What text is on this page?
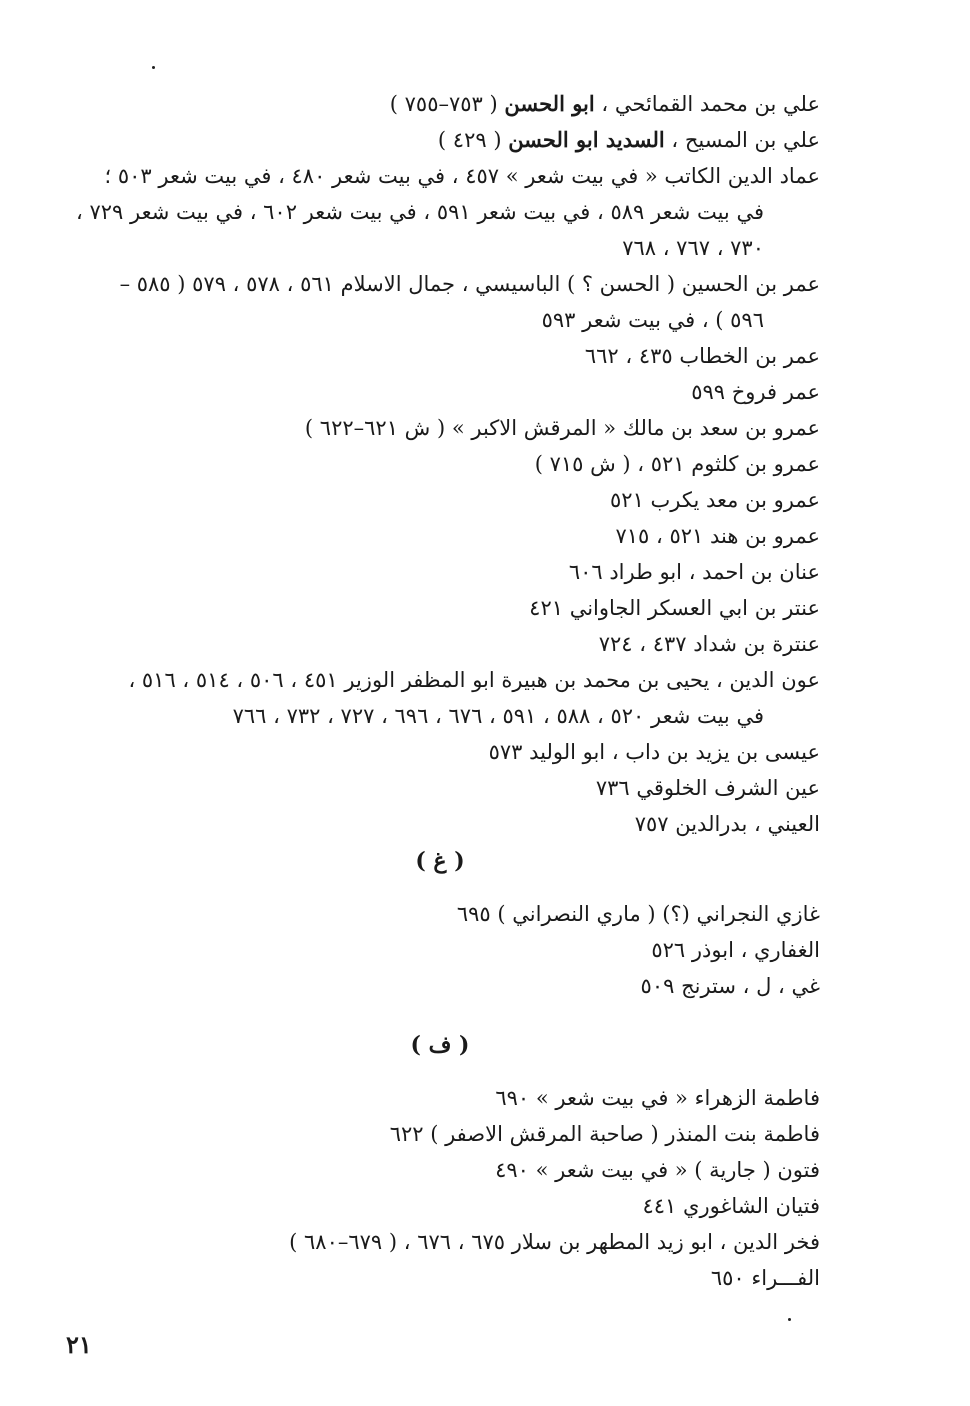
علي بن محمد القمائحي ، ابو الحسن ( ٧٥٣–٧٥٥ )

علي بن المسيح ، السديد ابو الحسن ( ٤٢٩ )

عماد الدين الكاتب « في بيت شعر » ٤٥٧ ، في بيت شعر ٤٨٠ ، في بيت شعر ٥٠٣ ؛
في بيت شعر ٥٨٩ ، في بيت شعر ٥٩١ ، في بيت شعر ٦٠٢ ، في بيت شعر ٧٢٩ ، ٧٣٠ ، ٧٦٧ ، ٧٦٨

عمر بن الحسين ( الحسن ؟ ) الباسيسي ، جمال الاسلام ٥٦١ ، ٥٧٨ ، ٥٧٩ ( ٥٨٥ –
٥٩٦ ) ، في بيت شعر ٥٩٣

عمر بن الخطاب ٤٣٥ ، ٦٦٢

عمر فروخ ٥٩٩

عمرو بن سعد بن مالك « المرقش الاكبر » ( ش ٦٢١–٦٢٢ )

عمرو بن كلثوم ٥٢١ ، ( ش ٧١٥ )

عمرو بن معد يكرب ٥٢١

عمرو بن هند ٥٢١ ، ٧١٥

عنان بن احمد ، ابو طراد ٦٠٦

عنتر بن ابي العسكر الجاواني ٤٢١

عنترة بن شداد ٤٣٧ ، ٧٢٤

عون الدين ، يحيى بن محمد بن هبيرة ابو المظفر الوزير ٤٥١ ، ٥٠٦ ، ٥١٤ ، ٥١٦ ،
في بيت شعر ٥٢٠ ، ٥٨٨ ، ٥٩١ ، ٦٧٦ ، ٦٩٦ ، ٧٢٧ ، ٧٣٢ ، ٧٦٦

عيسى بن يزيد بن داب ، ابو الوليد ٥٧٣

عين الشرف الخلوقي ٧٣٦

العيني ، بدرالدين ٧٥٧

( غ )

غازي النجراني (؟) ( ماري النصراني ) ٦٩٥

الغفاري ، ابوذر ٥٢٦

غي ، ل ، سترنج ٥٠٩

( ف )

فاطمة الزهراء « في بيت شعر » ٦٩٠

فاطمة بنت المنذر ( صاحبة المرقش الاصفر ) ٦٢٢

فتون ( جارية ) « في بيت شعر » ٤٩٠

فتيان الشاغوري ٤٤١

فخر الدين ، ابو زيد المطهر بن سلار ٦٧٥ ، ٦٧٦ ، ( ٦٧٩–٦٨٠ )

الفـــراء ٦٥٠

٢١
